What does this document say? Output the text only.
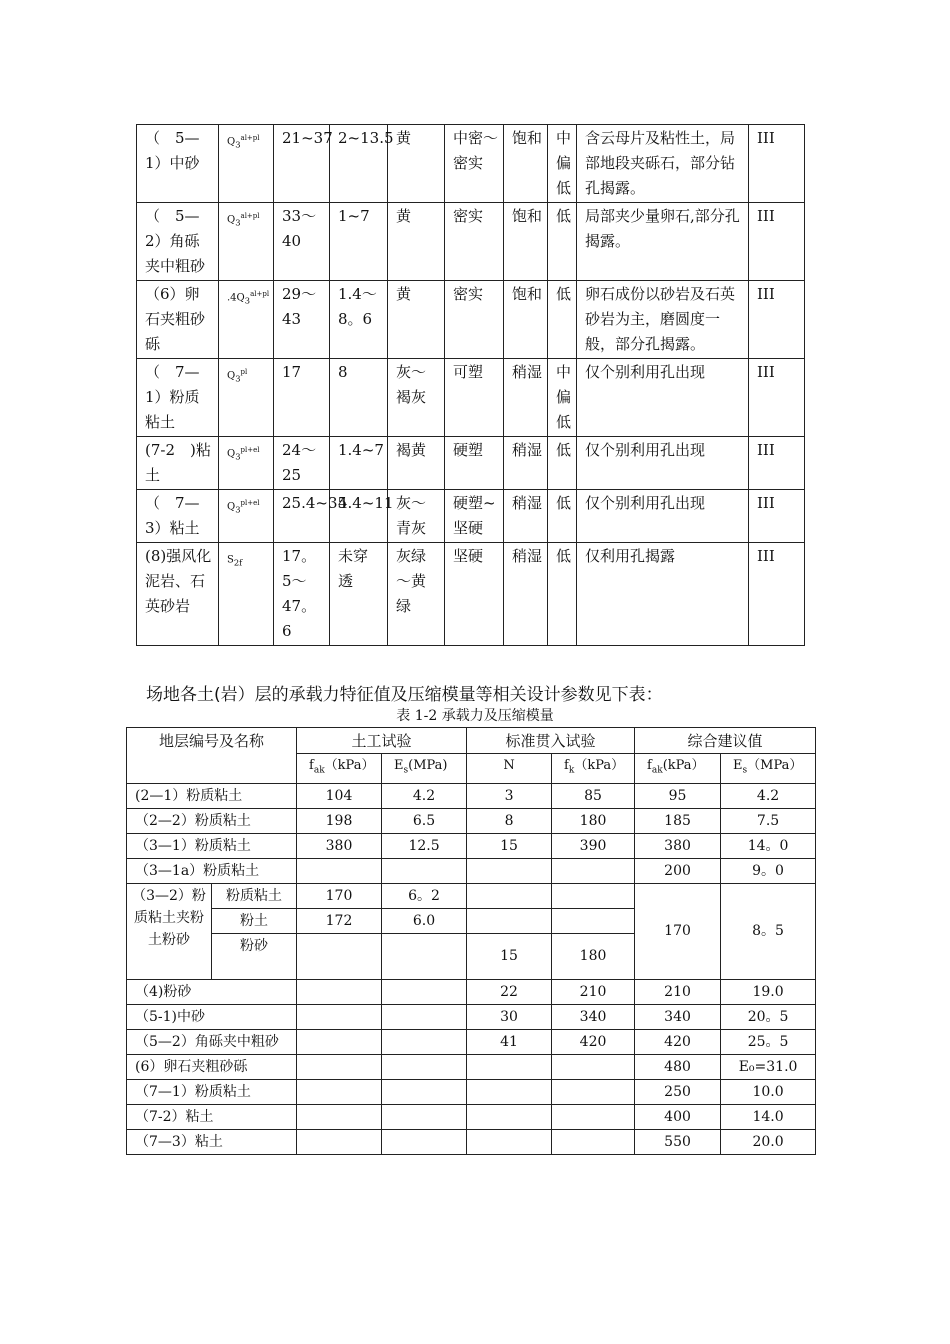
（　5—1）中砂	$Q_3^{al+pl}$	21~37	2~13.5	黄	中密～密实	饱和	中偏低	含云母片及粘性土，局部地段夹砾石，部分钻孔揭露。	III
（　5—2）角砾夹中粗砂	$Q_3^{al+pl}$	33～40	1~7	黄	密实	饱和	低	局部夹少量卵石,部分孔揭露。	III
（6）卵石夹粗砂砾	$.4Q_3^{al+pl}$	29～43	1.4～8。6	黄	密实	饱和	低	卵石成份以砂岩及石英砂岩为主，磨圆度一般，部分孔揭露。	III
（　7—1）粉质粘土	$Q_3^{pl}$	17	8	灰～褐灰	可塑	稍湿	中偏低	仅个别利用孔出现	III
(7-2　)粘土	$Q_3^{pl+el}$	24～25	1.4~7	褐黄	硬塑	稍湿	低	仅个别利用孔出现	III
（　7—3）粘土	$Q_3^{pl+el}$	25.4~35	4.4~11	灰～青灰	硬塑~坚硬	稍湿	低	仅个别利用孔出现	III
(8)强风化　泥岩、石英砂岩	$S_{2f}$	17。5～47。6	未穿透	灰绿～黄绿	坚硬	稍湿	低	仅利用孔揭露	III
场地各土(岩）层的承载力特征值及压缩模量等相关设计参数见下表：
表 1-2 承载力及压缩模量
地层编号及名称		土工试验		标准贯入试验		综合建议值	
		$f_{ak}(kPa)$	$E_s(MPa)$	N	$f_k(kPa)$	$f_{ak}(kPa)$	$E_s(MPa)$
(2—1）粉质粘土		104	4.2	3	85	95	4.2
（2—2）粉质粘土		198	6.5	8	180	185	7.5
（3—1）粉质粘土		380	12.5	15	390	380	14。0
（3—1a）粉质粘土						200	9。0
（3—2）粉质粘土夹粉土粉砂	粉质粘土	170	6。2			170	8。5
	粉土	172	6.0				
	粉砂			15	180		
（4)粉砂				22	210	210	19.0
（5-1)中砂				30	340	340	20。5
（5—2）角砾夹中粗砂				41	420	420	25。5
(6）卵石夹粗砂砾						480	E₀=31.0
（7—1）粉质粘土						250	10.0
（7-2）粘土						400	14.0
（7—3）粘土						550	20.0
